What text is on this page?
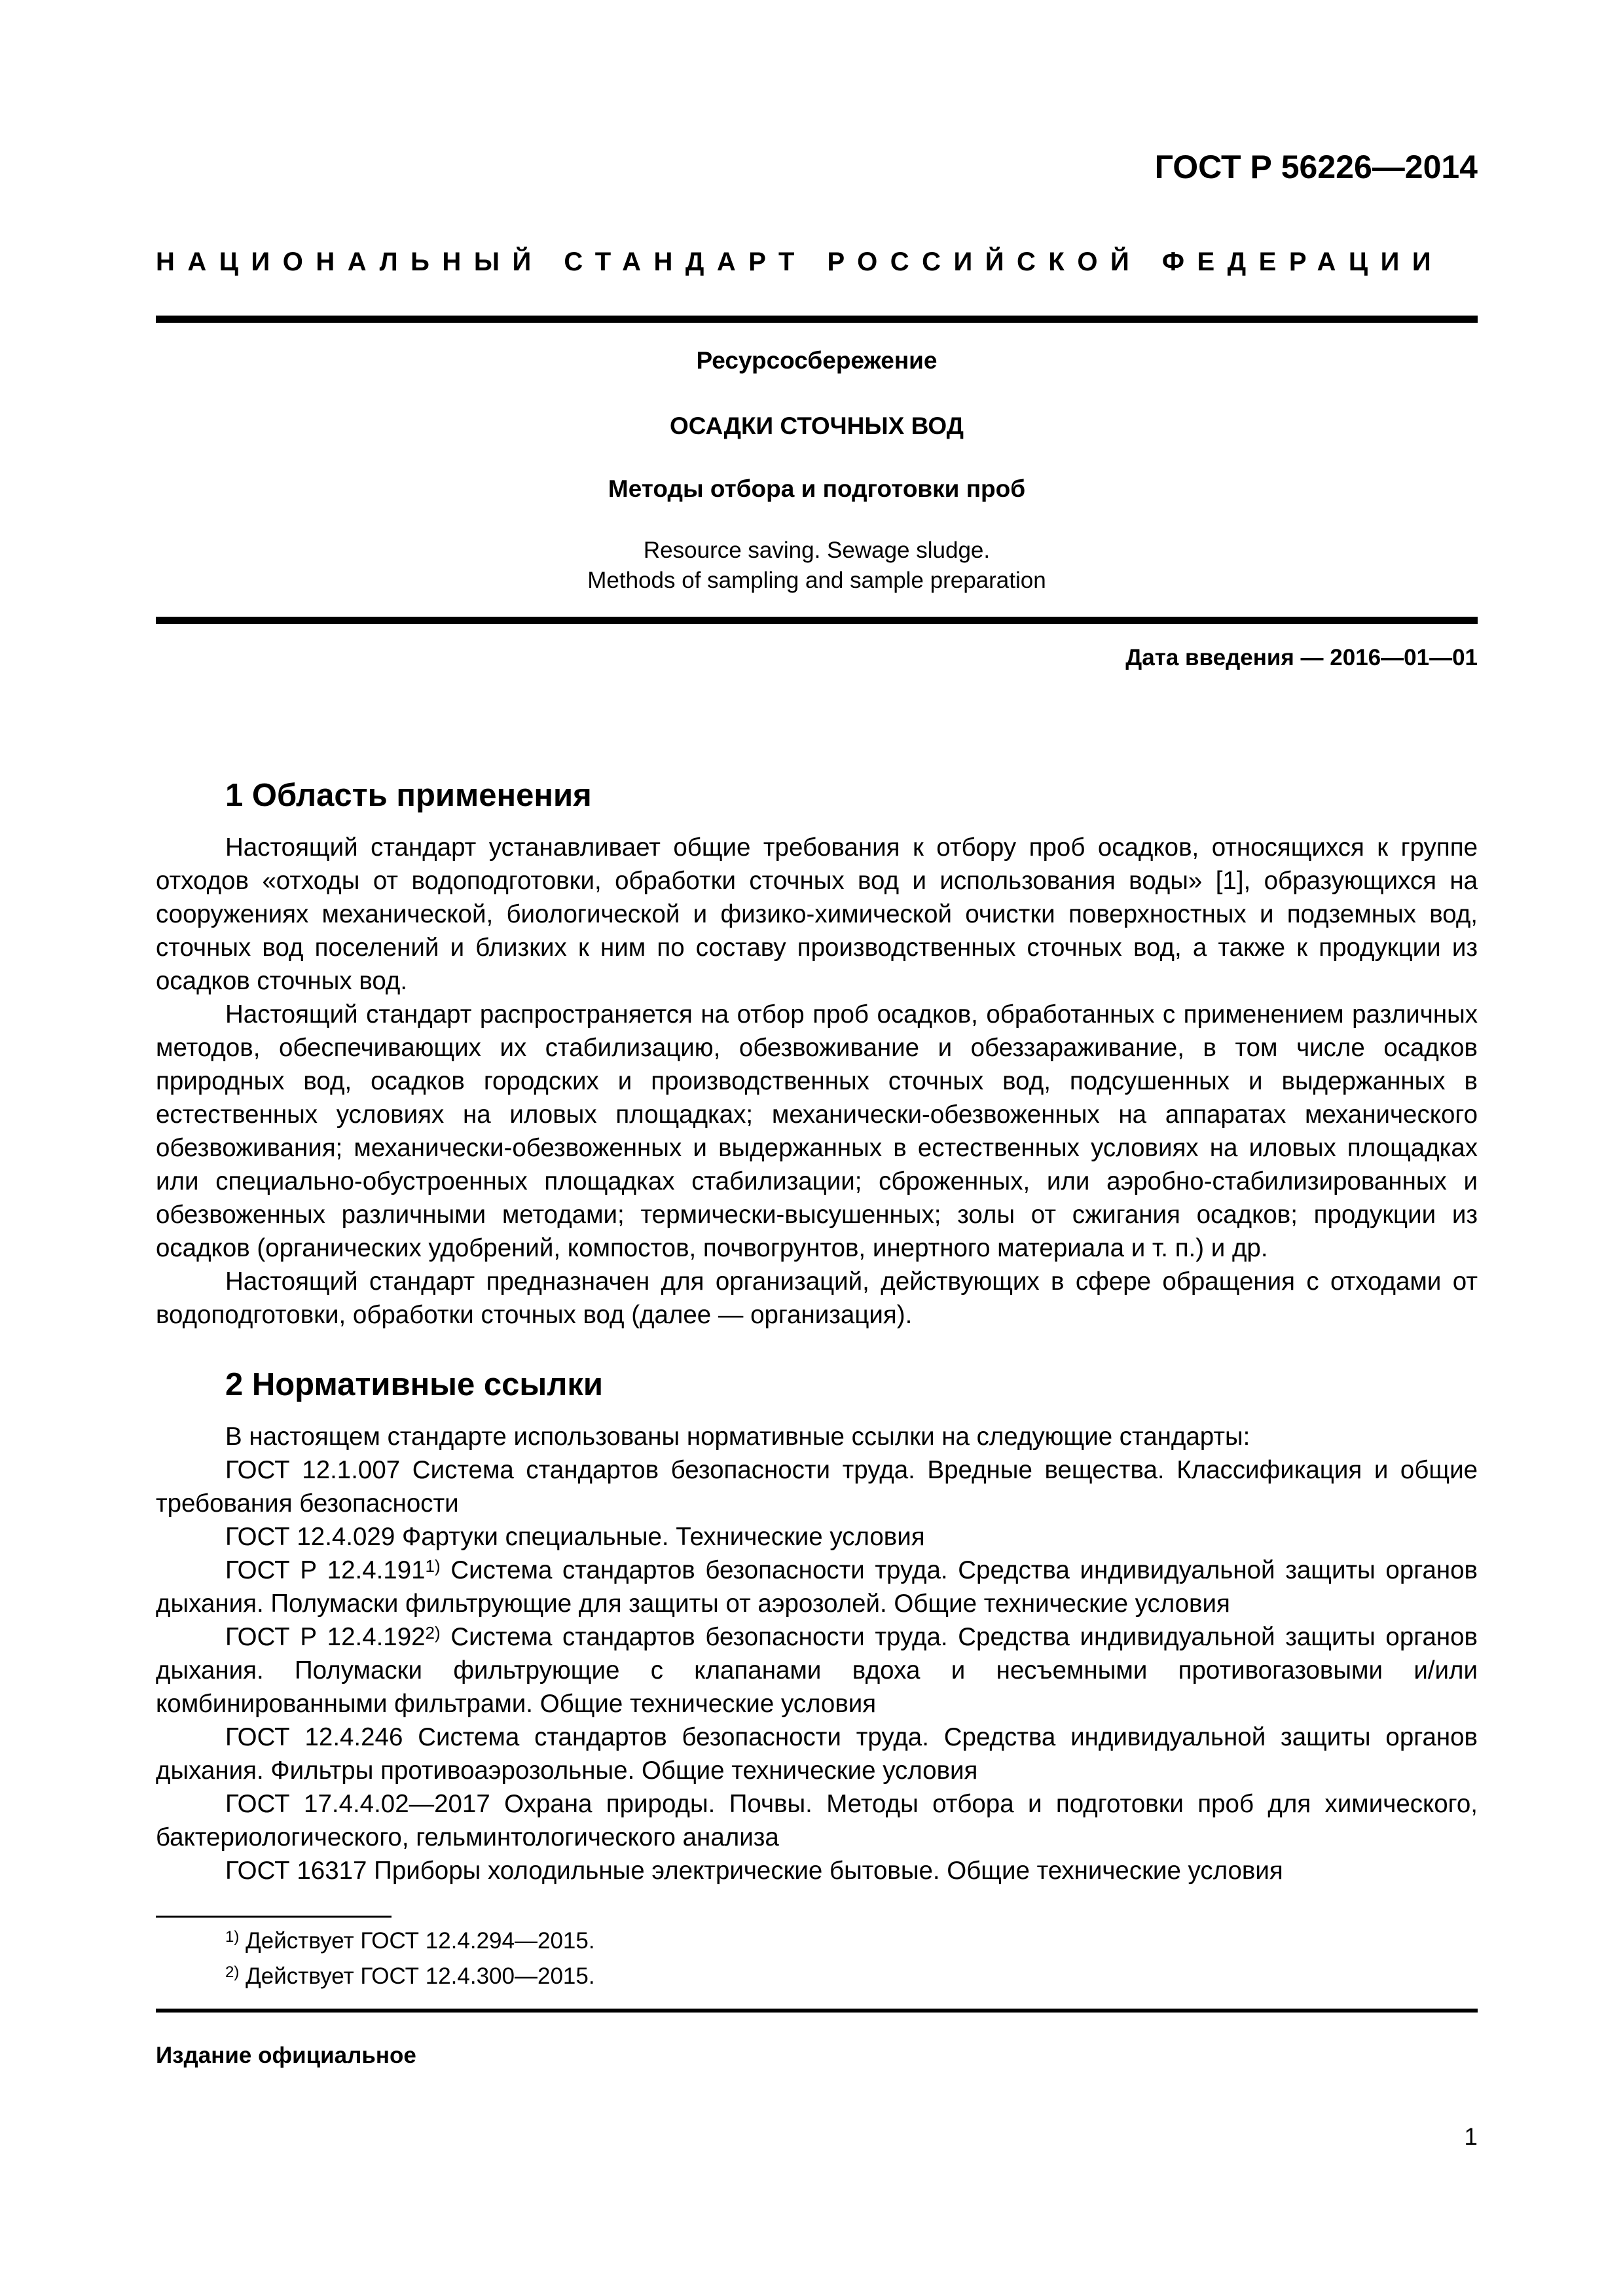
ГОСТ Р 56226—2014

НАЦИОНАЛЬНЫЙ СТАНДАРТ РОССИЙСКОЙ ФЕДЕРАЦИИ

Ресурсосбережение

ОСАДКИ СТОЧНЫХ ВОД

Методы отбора и подготовки проб

Resource saving. Sewage sludge.
Methods of sampling and sample preparation

Дата введения — 2016—01—01

1 Область применения

Настоящий стандарт устанавливает общие требования к отбору проб осадков, относящихся к группе отходов «отходы от водоподготовки, обработки сточных вод и использования воды» [1], образующихся на сооружениях механической, биологической и физико-химической очистки поверхностных и подземных вод, сточных вод поселений и близких к ним по составу производственных сточных вод, а также к продукции из осадков сточных вод.

Настоящий стандарт распространяется на отбор проб осадков, обработанных с применением различных методов, обеспечивающих их стабилизацию, обезвоживание и обеззараживание, в том числе осадков природных вод, осадков городских и производственных сточных вод, подсушенных и выдержанных в естественных условиях на иловых площадках; механически-обезвоженных на аппаратах механического обезвоживания; механически-обезвоженных и выдержанных в естественных условиях на иловых площадках или специально-обустроенных площадках стабилизации; сброженных, или аэробно-стабилизированных и обезвоженных различными методами; термически-высушенных; золы от сжигания осадков; продукции из осадков (органических удобрений, компостов, почвогрунтов, инертного материала и т. п.) и др.

Настоящий стандарт предназначен для организаций, действующих в сфере обращения с отходами от водоподготовки, обработки сточных вод (далее — организация).

2 Нормативные ссылки

В настоящем стандарте использованы нормативные ссылки на следующие стандарты:

ГОСТ 12.1.007 Система стандартов безопасности труда. Вредные вещества. Классификация и общие требования безопасности

ГОСТ 12.4.029 Фартуки специальные. Технические условия

ГОСТ Р 12.4.191$^{1)}$ Система стандартов безопасности труда. Средства индивидуальной защиты органов дыхания. Полумаски фильтрующие для защиты от аэрозолей. Общие технические условия

ГОСТ Р 12.4.192$^{2)}$ Система стандартов безопасности труда. Средства индивидуальной защиты органов дыхания. Полумаски фильтрующие с клапанами вдоха и несъемными противогазовыми и/или комбинированными фильтрами. Общие технические условия

ГОСТ 12.4.246 Система стандартов безопасности труда. Средства индивидуальной защиты органов дыхания. Фильтры противоаэрозольные. Общие технические условия

ГОСТ 17.4.4.02—2017 Охрана природы. Почвы. Методы отбора и подготовки проб для химического, бактериологического, гельминтологического анализа

ГОСТ 16317 Приборы холодильные электрические бытовые. Общие технические условия

$^{1)}$ Действует ГОСТ 12.4.294—2015.

$^{2)}$ Действует ГОСТ 12.4.300—2015.

Издание официальное

1
